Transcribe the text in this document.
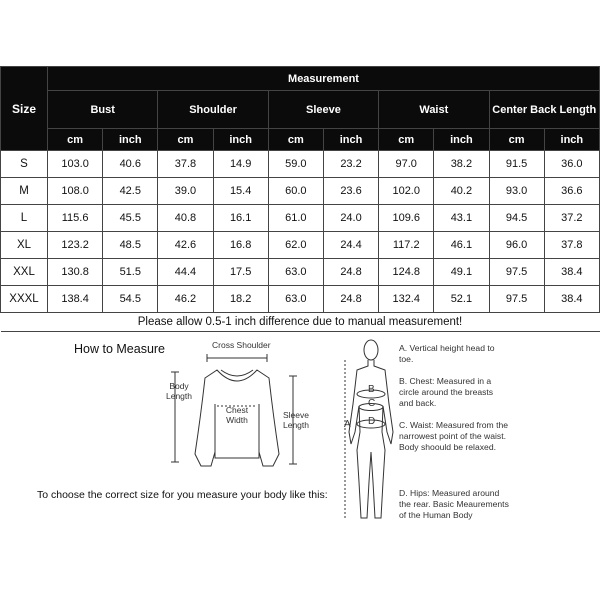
Size	Measurement									
	Bust		Shoulder		Sleeve		Waist		Center Back Length	
	cm	inch	cm	inch	cm	inch	cm	inch	cm	inch
S	103.0	40.6	37.8	14.9	59.0	23.2	97.0	38.2	91.5	36.0
M	108.0	42.5	39.0	15.4	60.0	23.6	102.0	40.2	93.0	36.6
L	115.6	45.5	40.8	16.1	61.0	24.0	109.6	43.1	94.5	37.2
XL	123.2	48.5	42.6	16.8	62.0	24.4	117.2	46.1	96.0	37.8
XXL	130.8	51.5	44.4	17.5	63.0	24.8	124.8	49.1	97.5	38.4
XXXL	138.4	54.5	46.2	18.2	63.0	24.8	132.4	52.1	97.5	38.4
Please allow 0.5-1 inch difference due to manual measurement!										
How to Measure	Cross Shoulder
Body Length
Chest Width	Sleeve Length
To choose the correct size for you measure your body like this:
B
C
D
A
A. Vertical height head to toe.
B. Chest: Measured in a circle around the breasts and back.
C. Waist: Measured from the narrowest point of the waist. Body shoould be relaxed.
D. Hips: Measured around the rear. Basic Meaurements of the Human Body
